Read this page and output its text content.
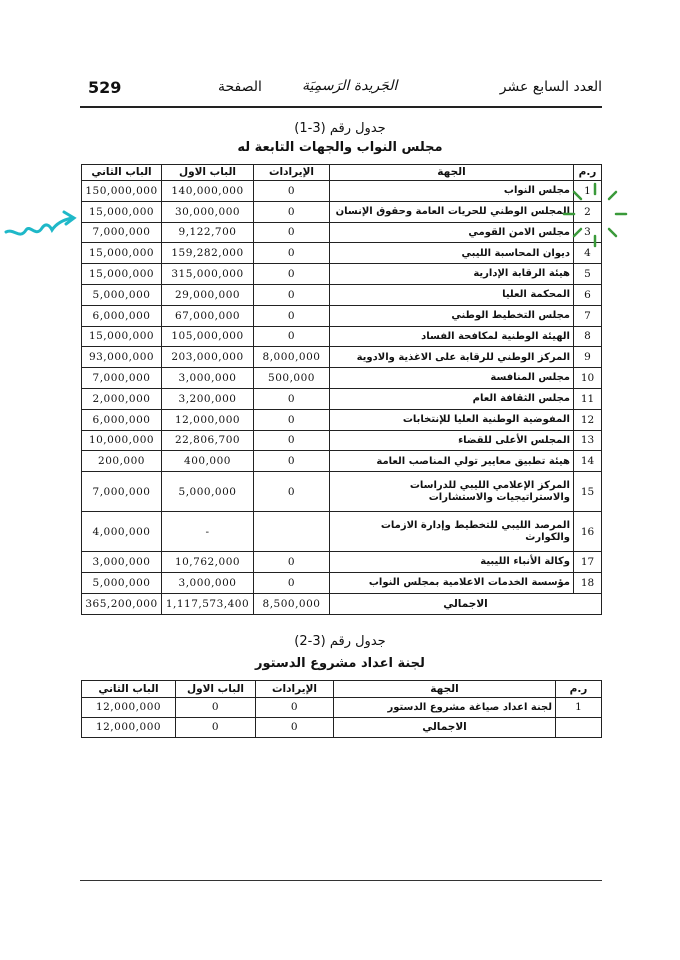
529	الصفحة	الجَريدة الرَسمِيَة	العدد السابع عشر
جدول رقم (3-1)
مجلس النواب والجهات التابعة له
الباب الثاني	الباب الاول	الإيرادات	الجهة	ر.م
150,000,000	140,000,000	0	مجلس النواب	1
15,000,000	30,000,000	0	المجلس الوطني للحريات العامة وحقوق الإنسان	2
7,000,000	9,122,700	0	مجلس الامن القومي	3
15,000,000	159,282,000	0	ديوان المحاسبة الليبي	4
15,000,000	315,000,000	0	هيئة الرقابة الإدارية	5
5,000,000	29,000,000	0	المحكمة العليا	6
6,000,000	67,000,000	0	مجلس التخطيط الوطني	7
15,000,000	105,000,000	0	الهيئة الوطنية لمكافحة الفساد	8
93,000,000	203,000,000	8,000,000	المركز الوطني للرقابة على الاغذية والادوية	9
7,000,000	3,000,000	500,000	مجلس المنافسة	10
2,000,000	3,200,000	0	مجلس الثقافة العام	11
6,000,000	12,000,000	0	المفوضية الوطنية العليا للإنتخابات	12
10,000,000	22,806,700	0	المجلس الأعلى للقضاء	13
200,000	400,000	0	هيئة تطبيق معايير تولي المناصب العامة	14
7,000,000	5,000,000	0	المركز الإعلامي الليبي للدراسات والاستراتيجيات والاستشارات	15
4,000,000	-		المرصد الليبي للتخطيط وإدارة الازمات والكوارث	16
3,000,000	10,762,000	0	وكالة الأنباء الليبية	17
5,000,000	3,000,000	0	مؤسسة الخدمات الاعلامية بمجلس النواب	18
365,200,000	1,117,573,400	8,500,000	الاجمالي	
جدول رقم (3-2)
لجنة اعداد مشروع الدستور
الباب الثاني	الباب الاول	الإيرادات	الجهة	ر.م
12,000,000	0	0	لجنة اعداد صياغة مشروع الدستور	1
12,000,000	0	0	الاجمالي	
